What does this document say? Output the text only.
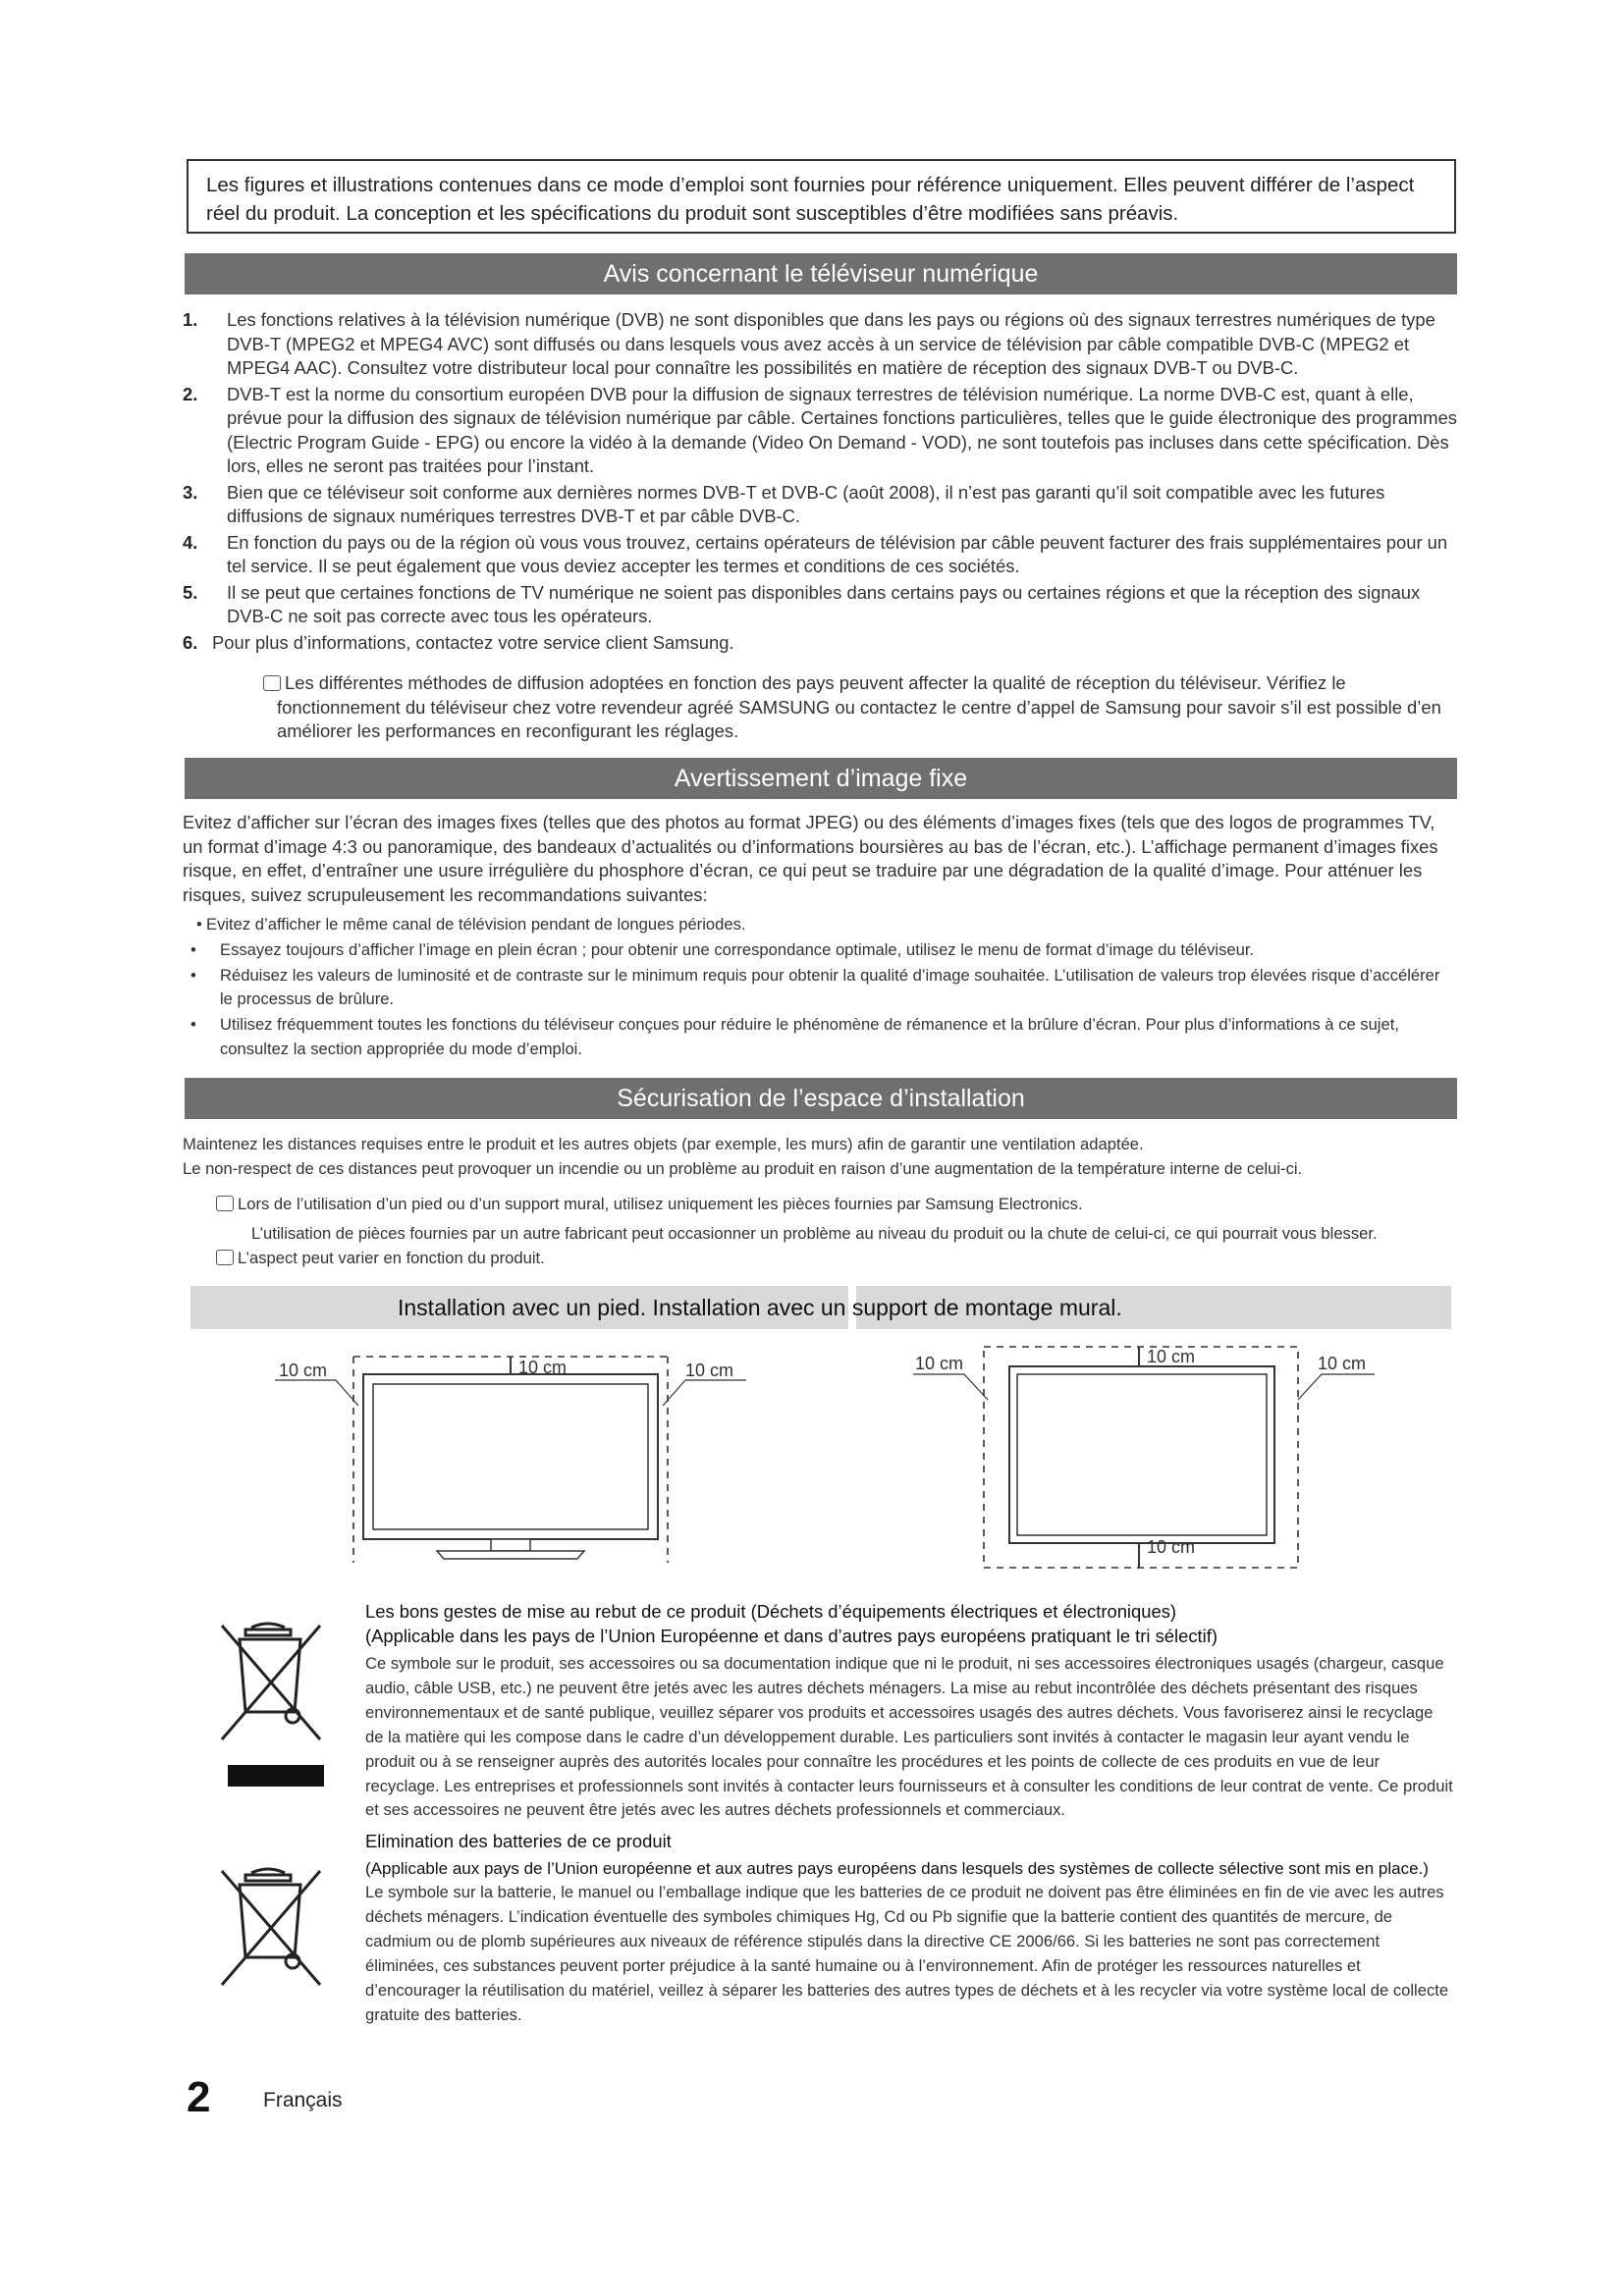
Les figures et illustrations contenues dans ce mode d’emploi sont fournies pour référence uniquement. Elles peuvent différer de l’aspect

réel du produit. La conception et les spécifications du produit sont susceptibles d’être modifiées sans préavis.

Avis concernant le téléviseur numérique
1. Les fonctions relatives à la télévision numérique (DVB) ne sont disponibles que dans les pays ou régions où des signaux terrestres numériques de type DVB-T (MPEG2 et MPEG4 AVC) sont diffusés ou dans lesquels vous avez accès à un service de télévision par câble compatible DVB-C (MPEG2 et MPEG4 AAC). Consultez votre distributeur local pour connaître les possibilités en matière de réception des signaux DVB-T ou DVB-C.
2. DVB-T est la norme du consortium européen DVB pour la diffusion de signaux terrestres de télévision numérique. La norme DVB-C est, quant à elle, prévue pour la diffusion des signaux de télévision numérique par câble. Certaines fonctions particulières, telles que le guide électronique des programmes (Electric Program Guide - EPG) ou encore la vidéo à la demande (Video On Demand - VOD), ne sont toutefois pas incluses dans cette spécification. Dès lors, elles ne seront pas traitées pour l’instant.
3. Bien que ce téléviseur soit conforme aux dernières normes DVB-T et DVB-C (août 2008), il n’est pas garanti qu’il soit compatible avec les futures diffusions de signaux numériques terrestres DVB-T et par câble DVB-C.
4. En fonction du pays ou de la région où vous vous trouvez, certains opérateurs de télévision par câble peuvent facturer des frais supplémentaires pour un tel service. Il se peut également que vous deviez accepter les termes et conditions de ces sociétés.
5. Il se peut que certaines fonctions de TV numérique ne soient pas disponibles dans certains pays ou certaines régions et que la réception des signaux DVB-C ne soit pas correcte avec tous les opérateurs.
6. Pour plus d’informations, contactez votre service client Samsung.
Les différentes méthodes de diffusion adoptées en fonction des pays peuvent affecter la qualité de réception du téléviseur. Vérifiez le fonctionnement du téléviseur chez votre revendeur agréé SAMSUNG ou contactez le centre d’appel de Samsung pour savoir s’il est possible d’en améliorer les performances en reconfigurant les réglages.
Avertissement d’image fixe

Evitez d’afficher sur l’écran des images fixes (telles que des photos au format JPEG) ou des éléments d’images fixes (tels que des logos de programmes TV, un format d’image 4:3 ou panoramique, des bandeaux d’actualités ou d’informations boursières au bas de l’écran, etc.). L’affichage permanent d’images fixes risque, en effet, d’entraîner une usure irrégulière du phosphore d’écran, ce qui peut se traduire par une dégradation de la qualité d’image. Pour atténuer les risques, suivez scrupuleusement les recommandations suivantes:

• Evitez d’afficher le même canal de télévision pendant de longues périodes.
• Essayez toujours d’afficher l’image en plein écran ; pour obtenir une correspondance optimale, utilisez le menu de format d’image du téléviseur.
• Réduisez les valeurs de luminosité et de contraste sur le minimum requis pour obtenir la qualité d’image souhaitée. L’utilisation de valeurs trop élevées risque d’accélérer le processus de brûlure.
• Utilisez fréquemment toutes les fonctions du téléviseur conçues pour réduire le phénomène de rémanence et la brûlure d’écran. Pour plus d’informations à ce sujet, consultez la section appropriée du mode d’emploi.
Sécurisation de l’espace d’installation

Maintenez les distances requises entre le produit et les autres objets (par exemple, les murs) afin de garantir une ventilation adaptée.

Le non-respect de ces distances peut provoquer un incendie ou un problème au produit en raison d’une augmentation de la température interne de celui-ci.

Lors de l’utilisation d’un pied ou d’un support mural, utilisez uniquement les pièces fournies par Samsung Electronics.

L’utilisation de pièces fournies par un autre fabricant peut occasionner un problème au niveau du produit ou la chute de celui-ci, ce qui pourrait vous blesser.

L’aspect peut varier en fonction du produit.

Installation avec un pied. Installation avec un support de montage mural.
10 cm
10 cm	10 cm
10 cm
10 cm
10 cm	10 cm

Les bons gestes de mise au rebut de ce produit (Déchets d’équipements électriques et électroniques)

(Applicable dans les pays de l’Union Européenne et dans d’autres pays européens pratiquant le tri sélectif)

Ce symbole sur le produit, ses accessoires ou sa documentation indique que ni le produit, ni ses accessoires électroniques usagés (chargeur, casque audio, câble USB, etc.) ne peuvent être jetés avec les autres déchets ménagers. La mise au rebut incontrôlée des déchets présentant des risques environnementaux et de santé publique, veuillez séparer vos produits et accessoires usagés des autres déchets. Vous favoriserez ainsi le recyclage de la matière qui les compose dans le cadre d’un développement durable. Les particuliers sont invités à contacter le magasin leur ayant vendu le produit ou à se renseigner auprès des autorités locales pour connaître les procédures et les points de collecte de ces produits en vue de leur recyclage. Les entreprises et professionnels sont invités à contacter leurs fournisseurs et à consulter les conditions de leur contrat de vente. Ce produit et ses accessoires ne peuvent être jetés avec les autres déchets professionnels et commerciaux.

Elimination des batteries de ce produit

(Applicable aux pays de l’Union européenne et aux autres pays européens dans lesquels des systèmes de collecte sélective sont mis en place.)

Le symbole sur la batterie, le manuel ou l’emballage indique que les batteries de ce produit ne doivent pas être éliminées en fin de vie avec les autres déchets ménagers. L’indication éventuelle des symboles chimiques Hg, Cd ou Pb signifie que la batterie contient des quantités de mercure, de cadmium ou de plomb supérieures aux niveaux de référence stipulés dans la directive CE 2006/66. Si les batteries ne sont pas correctement éliminées, ces substances peuvent porter préjudice à la santé humaine ou à l’environnement. Afin de protéger les ressources naturelles et d’encourager la réutilisation du matériel, veillez à séparer les batteries des autres types de déchets et à les recycler via votre système local de collecte gratuite des batteries.

2	Français
